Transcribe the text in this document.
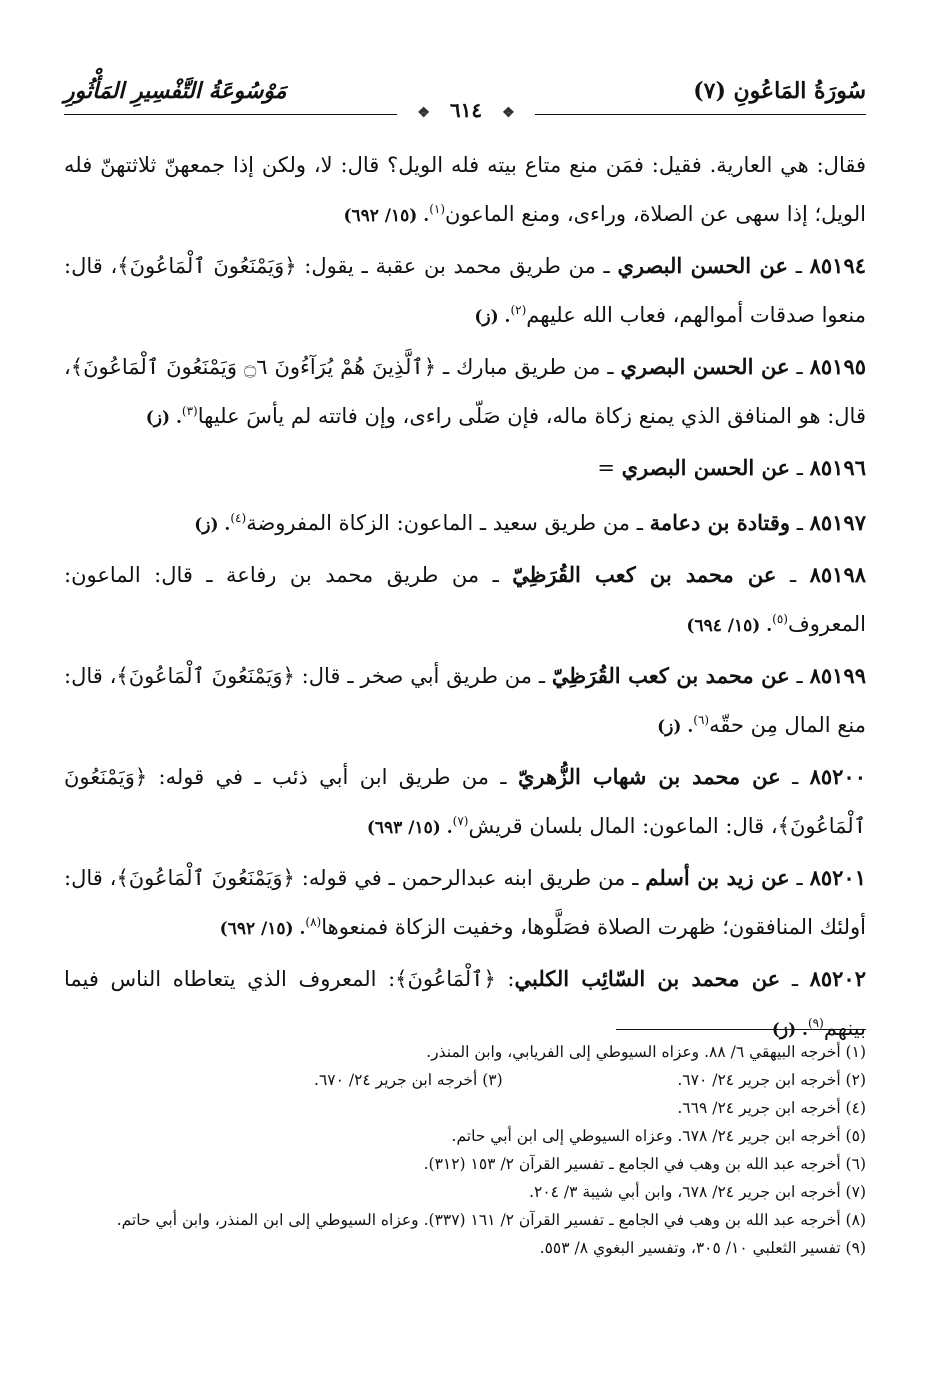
سُورَةُ المَاعُونِ (٧)
مَوْسُوعَةُ التَّفْسِيرِ المَأْثُورِ
❖٦١٤❖

فقال: هي العارية. فقيل: فمَن منع متاع بيته فله الويل؟ قال: لا، ولكن إذا جمعهنّ ثلاثتهنّ فله الويل؛ إذا سهى عن الصلاة، وراءى، ومنع الماعون$^{(١)}$. (١٥/ ٦٩٢)

٨٥١٩٤ ـ عن الحسن البصري ـ من طريق محمد بن عقبة ـ يقول: ﴿وَيَمْنَعُونَ ٱلْمَاعُونَ﴾، قال: منعوا صدقات أموالهم، فعاب الله عليهم$^{(٢)}$. (ز)

٨٥١٩٥ ـ عن الحسن البصري ـ من طريق مبارك ـ ﴿ٱلَّذِينَ هُمْ يُرَآءُونَ ۝٦ وَيَمْنَعُونَ ٱلْمَاعُونَ﴾، قال: هو المنافق الذي يمنع زكاة ماله، فإن صَلّى راءى، وإن فاتته لم يأسَ عليها$^{(٣)}$. (ز)

٨٥١٩٦ ـ عن الحسن البصري =

٨٥١٩٧ ـ وقتادة بن دعامة ـ من طريق سعيد ـ الماعون: الزكاة المفروضة$^{(٤)}$. (ز)

٨٥١٩٨ ـ عن محمد بن كعب القُرَظِيّ ـ من طريق محمد بن رفاعة ـ قال: الماعون: المعروف$^{(٥)}$. (١٥/ ٦٩٤)

٨٥١٩٩ ـ عن محمد بن كعب القُرَظِيّ ـ من طريق أبي صخر ـ قال: ﴿وَيَمْنَعُونَ ٱلْمَاعُونَ﴾، قال: منع المال مِن حقّه$^{(٦)}$. (ز)

٨٥٢٠٠ ـ عن محمد بن شهاب الزُّهريّ ـ من طريق ابن أبي ذئب ـ في قوله: ﴿وَيَمْنَعُونَ ٱلْمَاعُونَ﴾، قال: الماعون: المال بلسان قريش$^{(٧)}$. (١٥/ ٦٩٣)

٨٥٢٠١ ـ عن زيد بن أسلم ـ من طريق ابنه عبدالرحمن ـ في قوله: ﴿وَيَمْنَعُونَ ٱلْمَاعُونَ﴾، قال: أولئك المنافقون؛ ظهرت الصلاة فصَلَّوها، وخفيت الزكاة فمنعوها$^{(٨)}$. (١٥/ ٦٩٢)

٨٥٢٠٢ ـ عن محمد بن السّائِب الكلبي: ﴿ٱلْمَاعُونَ﴾: المعروف الذي يتعاطاه الناس فيما بينهم$^{(٩)}$. (ز)

(١) أخرجه البيهقي ٦/ ٨٨. وعزاه السيوطي إلى الفريابي، وابن المنذر.

(٢) أخرجه ابن جرير ٢٤/ ٦٧٠.

(٣) أخرجه ابن جرير ٢٤/ ٦٧٠.

(٤) أخرجه ابن جرير ٢٤/ ٦٦٩.

(٥) أخرجه ابن جرير ٢٤/ ٦٧٨. وعزاه السيوطي إلى ابن أبي حاتم.

(٦) أخرجه عبد الله بن وهب في الجامع ـ تفسير القرآن ٢/ ١٥٣ (٣١٢).

(٧) أخرجه ابن جرير ٢٤/ ٦٧٨، وابن أبي شيبة ٣/ ٢٠٤.

(٨) أخرجه عبد الله بن وهب في الجامع ـ تفسير القرآن ٢/ ١٦١ (٣٣٧). وعزاه السيوطي إلى ابن المنذر، وابن أبي حاتم.

(٩) تفسير الثعلبي ١٠/ ٣٠٥، وتفسير البغوي ٨/ ٥٥٣.
